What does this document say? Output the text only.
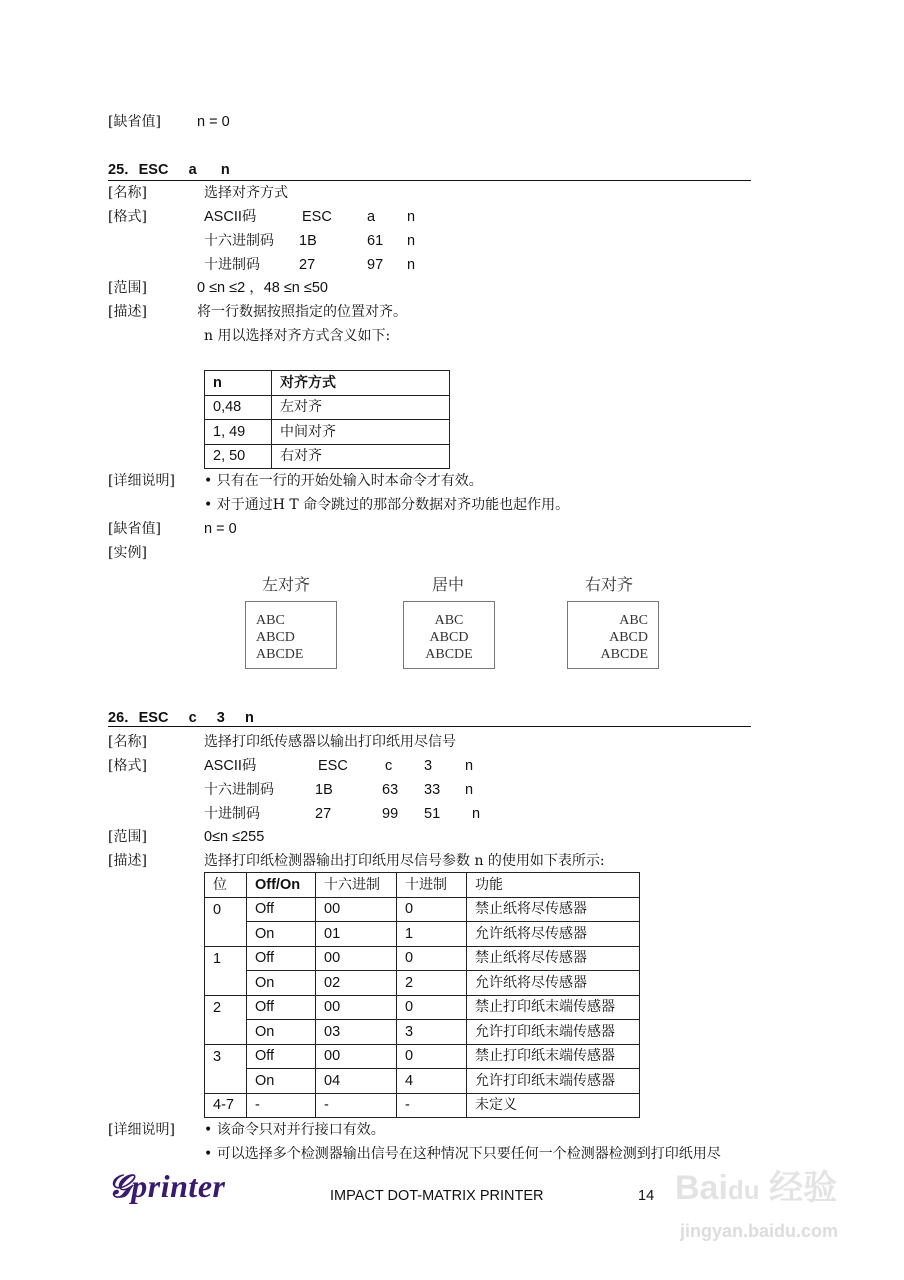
[缺省值] n = 0
25．ESC     a      n
[名称]	选择对齐方式
[格式]	ASCII码	ESC a n
十六进制码 1B	61 n
十进制码	27	97 n
[范围]	0 ≤n ≤2 ，48 ≤n ≤50
[描述]	将一行数据按照指定的位置对齐。
n 用以选择对齐方式含义如下:
n	对齐方式
0,48	左对齐
1, 49	中间对齐
2, 50	右对齐
[详细说明] • 只有在一行的开始处输入时本命令才有效。
• 对于通过H T 命令跳过的那部分数据对齐功能也起作用。
[缺省值]	n = 0
[实例]
左对齐	居中	右对齐
ABC
ABCD
ABCDE
ABC
ABCD
ABCDE
ABC
ABCD
ABCDE
26．ESC     c     3     n
[名称]	选择打印纸传感器以输出打印纸用尽信号
[格式]	ASCII码	ESC	c 3 n
十六进制码	1B	63 33 n
十进制码	27	99 51 n
[范围]	0≤n ≤255
[描述]	选择打印纸检测器输出打印纸用尽信号参数 n 的使用如下表所示:
位	Off/On	十六进制	十进制	功能
0	Off	00	0	禁止纸将尽传感器
	On	01	1	允许纸将尽传感器
1	Off	00	0	禁止纸将尽传感器
	On	02	2	允许纸将尽传感器
2	Off	00	0	禁止打印纸末端传感器
	On	03	3	允许打印纸末端传感器
3	Off	00	0	禁止打印纸末端传感器
	On	04	4	允许打印纸末端传感器
4-7	-	-	-	未定义
[详细说明] • 该命令只对并行接口有效。
• 可以选择多个检测器输出信号在这种情况下只要任何一个检测器检测到打印纸用尽
𝒢printer	IMPACT DOT-MATRIX PRINTER	14 Baidu 经验
jingyan.baidu.com
